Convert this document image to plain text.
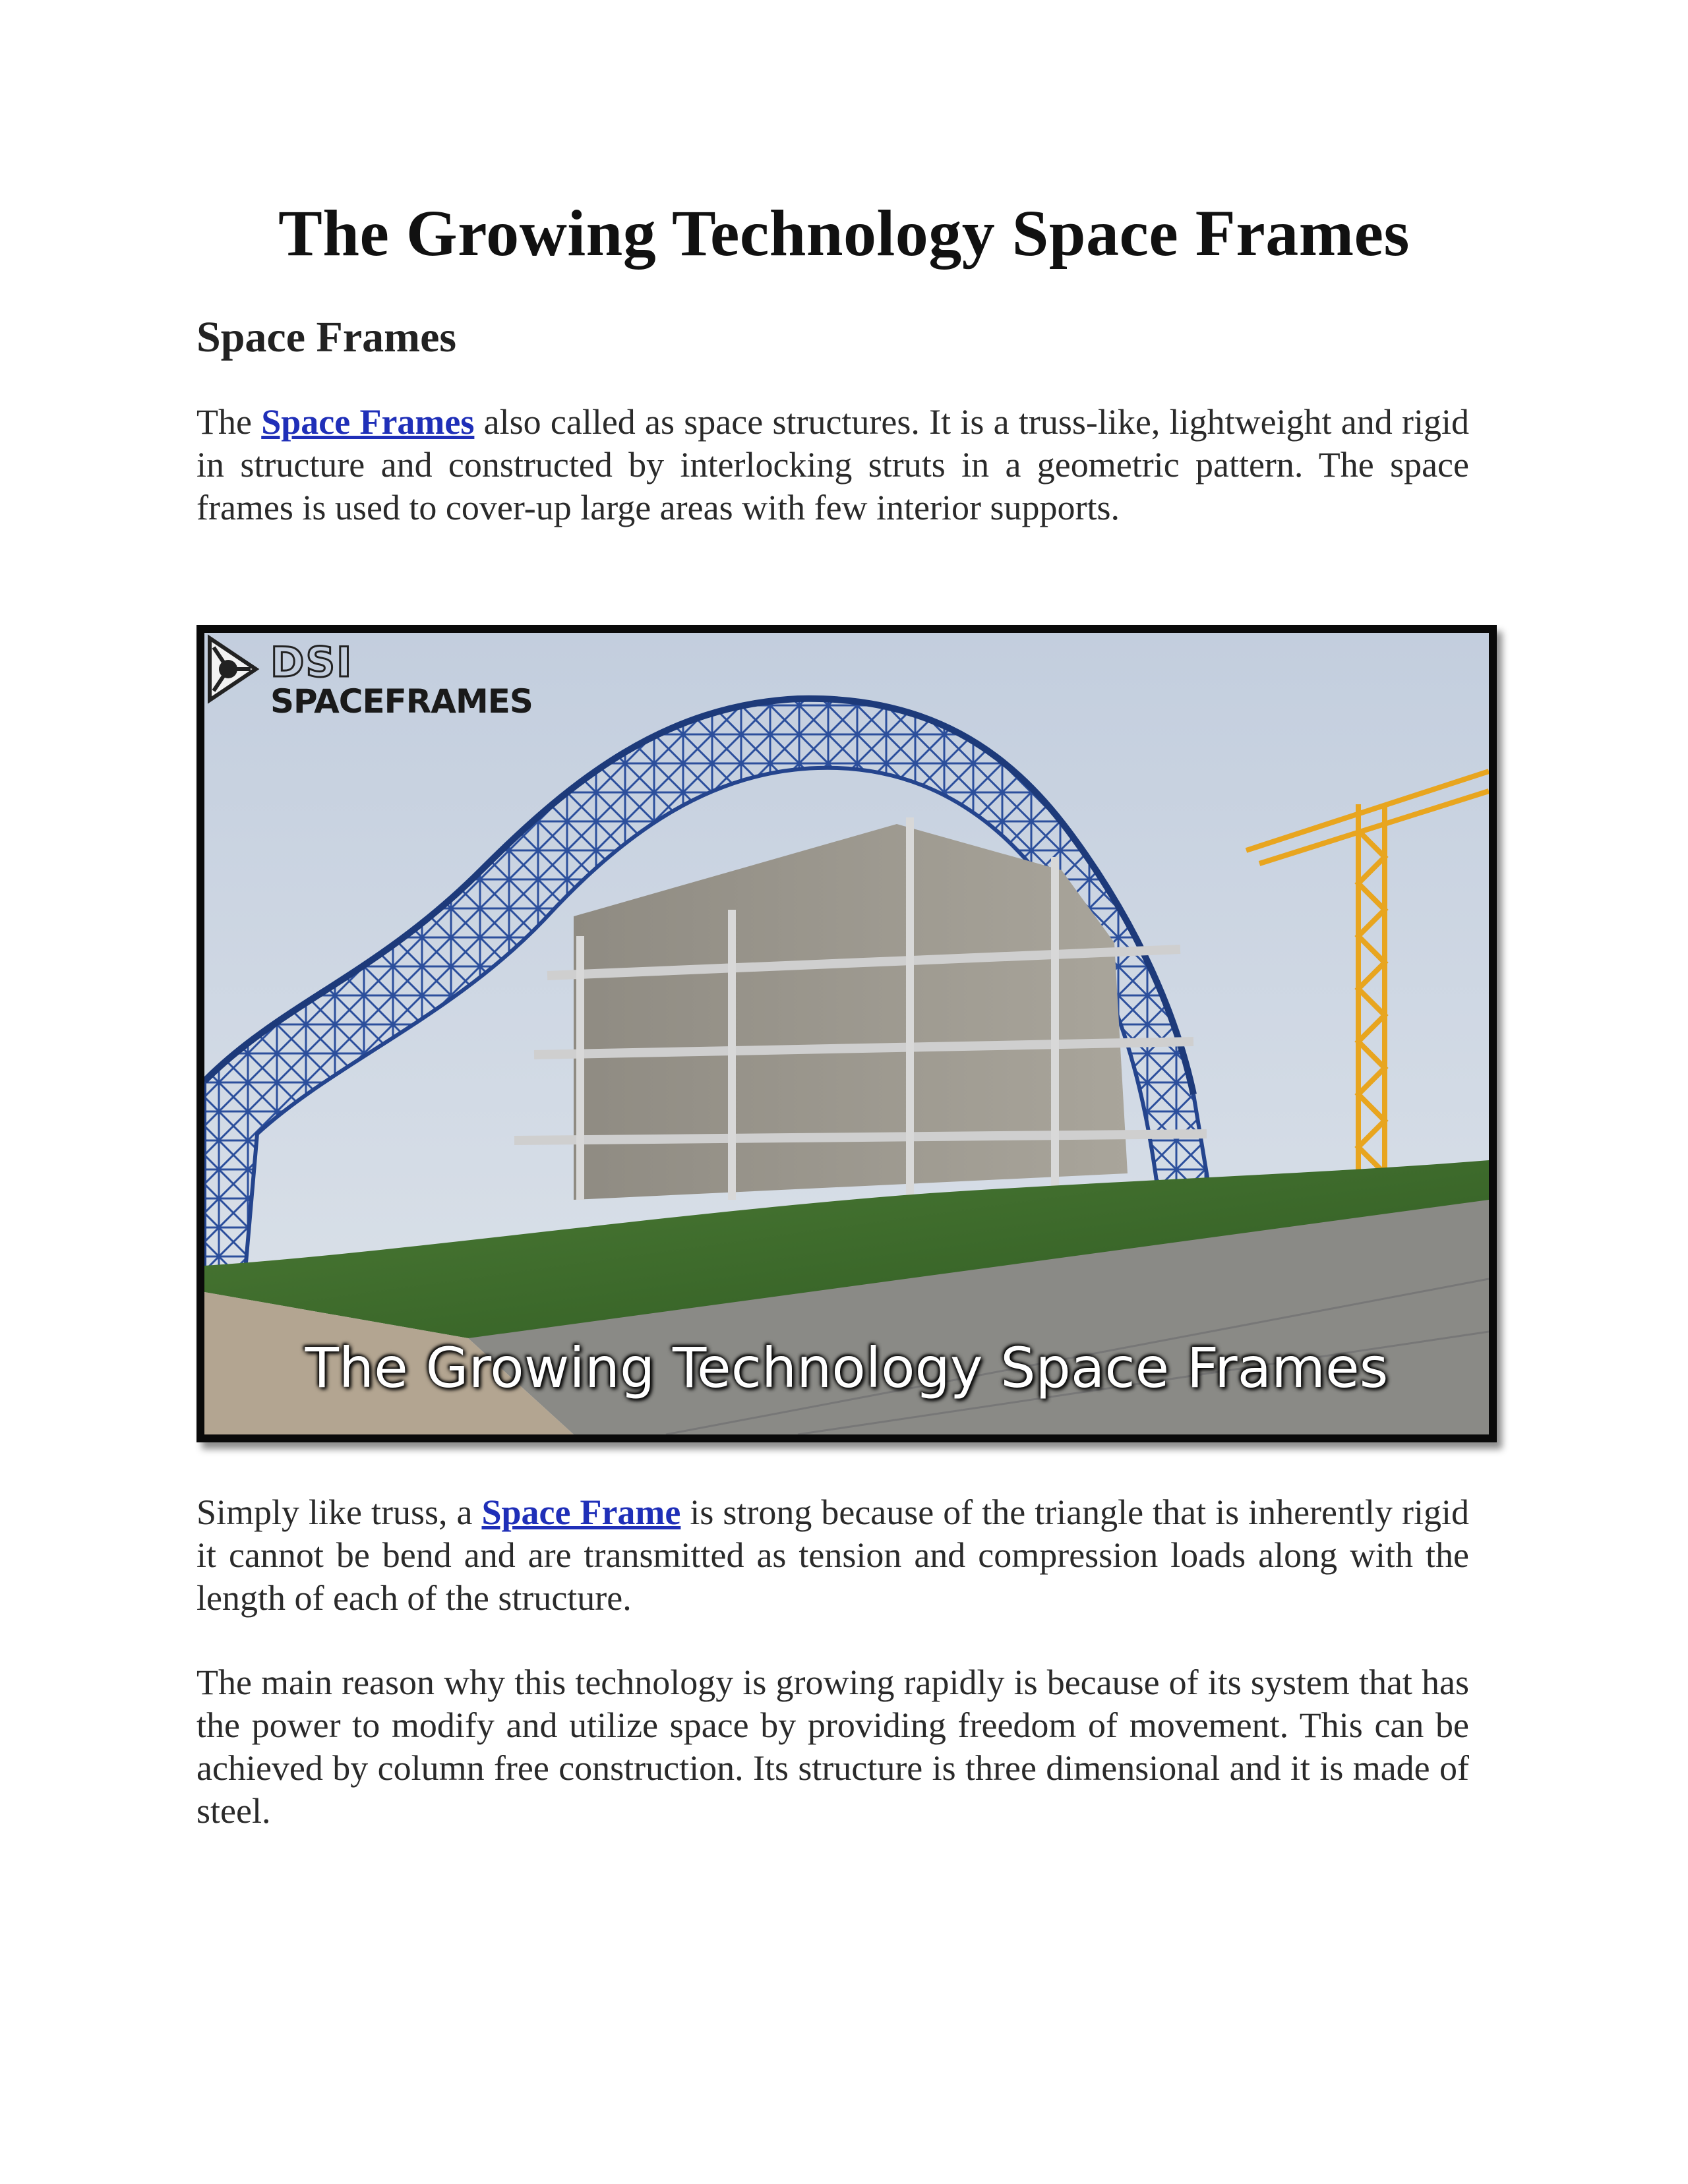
The Growing Technology Space Frames
Space Frames

The Space Frames also called as space structures. It is a truss-like, lightweight and rigid in structure and constructed by interlocking struts in a geometric pattern. The space frames is used to cover-up large areas with few interior supports.

DSI
SPACEFRAMES
The Growing Technology Space Frames

Simply like truss, a Space Frame is strong because of the triangle that is inherently rigid it cannot be bend and are transmitted as tension and compression loads along with the length of each of the structure.

The main reason why this technology is growing rapidly is because of its system that has the power to modify and utilize space by providing freedom of movement. This can be achieved by column free construction. Its structure is three dimensional and it is made of steel.
